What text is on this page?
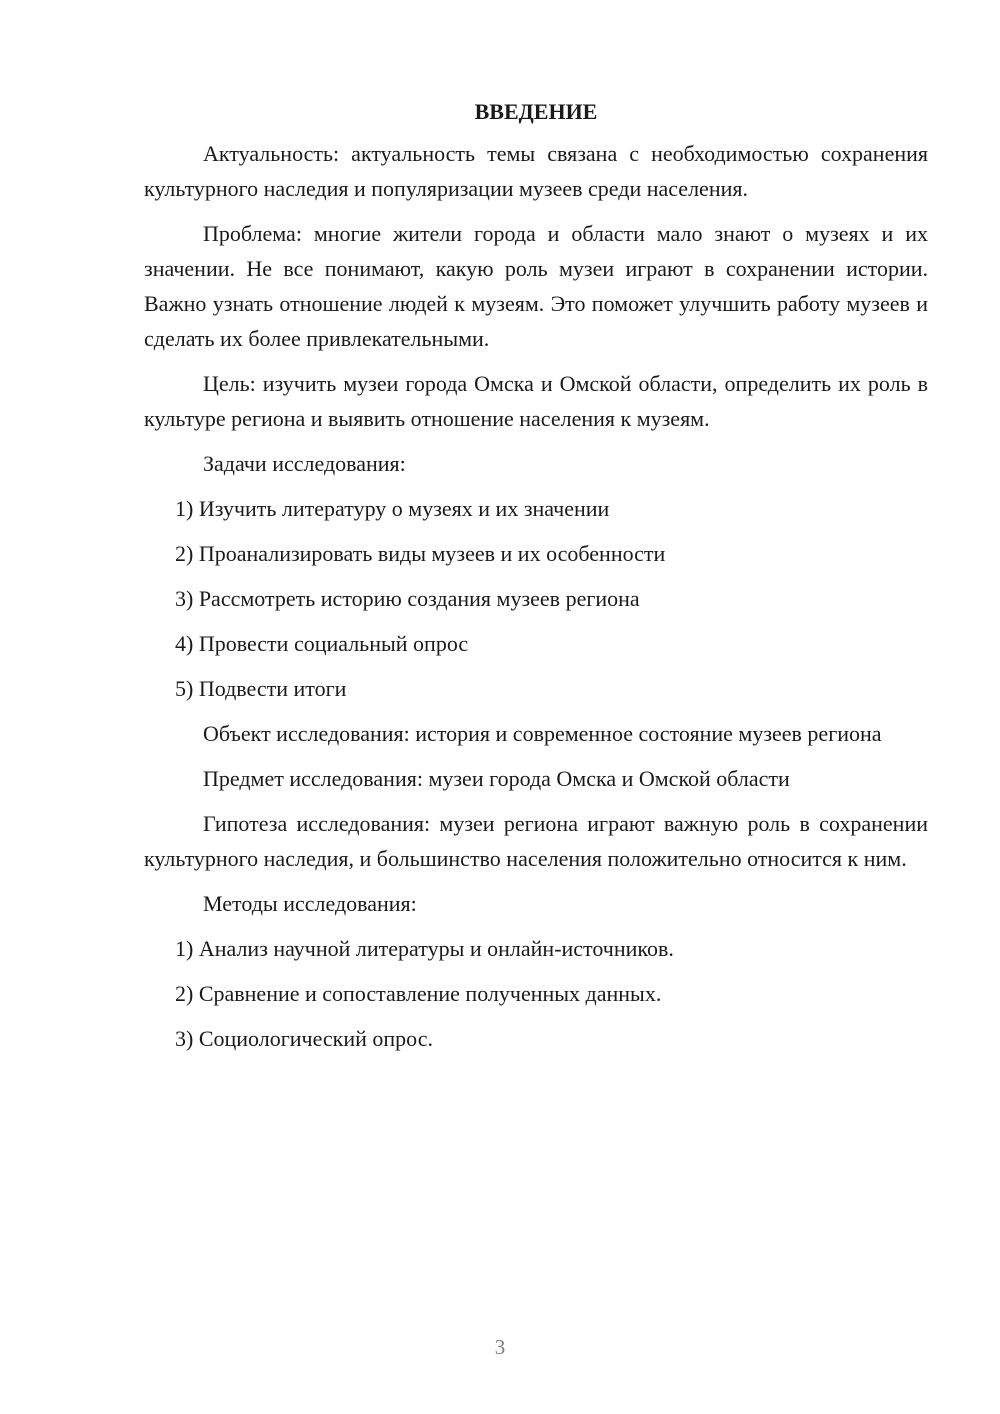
ВВЕДЕНИЕ

Актуальность: актуальность темы связана с необходимостью сохранения культурного наследия и популяризации музеев среди населения.

Проблема: многие жители города и области мало знают о музеях и их значении. Не все понимают, какую роль музеи играют в сохранении истории. Важно узнать отношение людей к музеям. Это поможет улучшить работу музеев и сделать их более привлекательными.

Цель: изучить музеи города Омска и Омской области, определить их роль в культуре региона и выявить отношение населения к музеям.

Задачи исследования:

1) Изучить литературу о музеях и их значении

2) Проанализировать виды музеев и их особенности

3) Рассмотреть историю создания музеев региона

4) Провести социальный опрос

5) Подвести итоги

Объект исследования: история и современное состояние музеев региона

Предмет исследования: музеи города Омска и Омской области

Гипотеза исследования: музеи региона играют важную роль в сохранении культурного наследия, и большинство населения положительно относится к ним.

Методы исследования:

1) Анализ научной литературы и онлайн-источников.

2) Сравнение и сопоставление полученных данных.

3) Социологический опрос.

3
